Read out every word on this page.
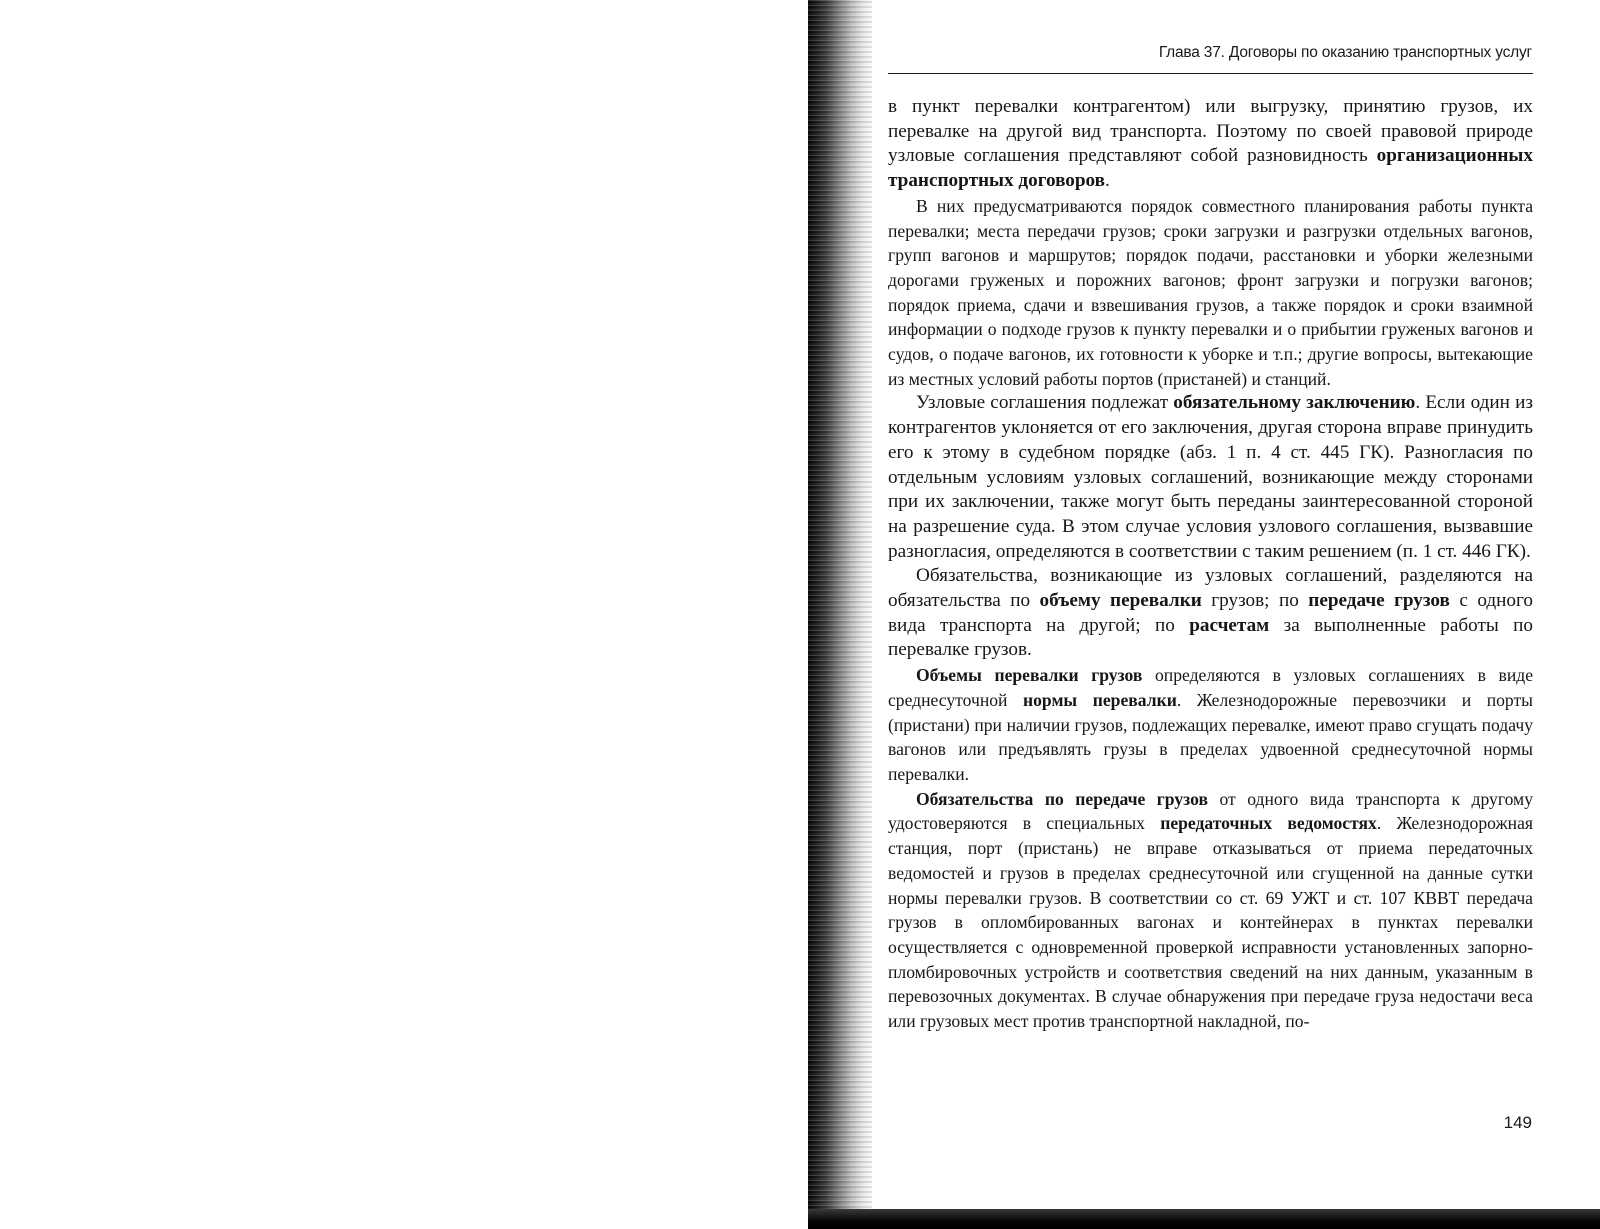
Глава 37. Договоры по оказанию транспортных услуг

в пункт перевалки контрагентом) или выгрузку, принятию грузов, их перевалке на другой вид транспорта. Поэтому по своей правовой природе узловые соглашения представляют собой разновидность организационных транспортных договоров.

В них предусматриваются порядок совместного планирования работы пункта перевалки; места передачи грузов; сроки загрузки и разгрузки отдельных вагонов, групп вагонов и маршрутов; порядок подачи, расстановки и уборки железными дорогами груженых и порожних вагонов; фронт загрузки и погрузки вагонов; порядок приема, сдачи и взвешивания грузов, а также порядок и сроки взаимной информации о подходе грузов к пункту перевалки и о прибытии груженых вагонов и судов, о подаче вагонов, их готовности к уборке и т.п.; другие вопросы, вытекающие из местных условий работы портов (пристаней) и станций.

Узловые соглашения подлежат обязательному заключению. Если один из контрагентов уклоняется от его заключения, другая сторона вправе принудить его к этому в судебном порядке (абз. 1 п. 4 ст. 445 ГК). Разногласия по отдельным условиям узловых соглашений, возникающие между сторонами при их заключении, также могут быть переданы заинтересованной стороной на разрешение суда. В этом случае условия узлового соглашения, вызвавшие разногласия, определяются в соответствии с таким решением (п. 1 ст. 446 ГК).

Обязательства, возникающие из узловых соглашений, разделяются на обязательства по объему перевалки грузов; по передаче грузов с одного вида транспорта на другой; по расчетам за выполненные работы по перевалке грузов.

Объемы перевалки грузов определяются в узловых соглашениях в виде среднесуточной нормы перевалки. Железнодорожные перевозчики и порты (пристани) при наличии грузов, подлежащих перевалке, имеют право сгущать подачу вагонов или предъявлять грузы в пределах удвоенной среднесуточной нормы перевалки.

Обязательства по передаче грузов от одного вида транспорта к другому удостоверяются в специальных передаточных ведомостях. Железнодорожная станция, порт (пристань) не вправе отказываться от приема передаточных ведомостей и грузов в пределах среднесуточной или сгущенной на данные сутки нормы перевалки грузов. В соответствии со ст. 69 УЖТ и ст. 107 КВВТ передача грузов в опломбированных вагонах и контейнерах в пунктах перевалки осуществляется с одновременной проверкой исправности установленных запорно-пломбировочных устройств и соответствия сведений на них данным, указанным в перевозочных документах. В случае обнаружения при передаче груза недостачи веса или грузовых мест против транспортной накладной, по-

149
